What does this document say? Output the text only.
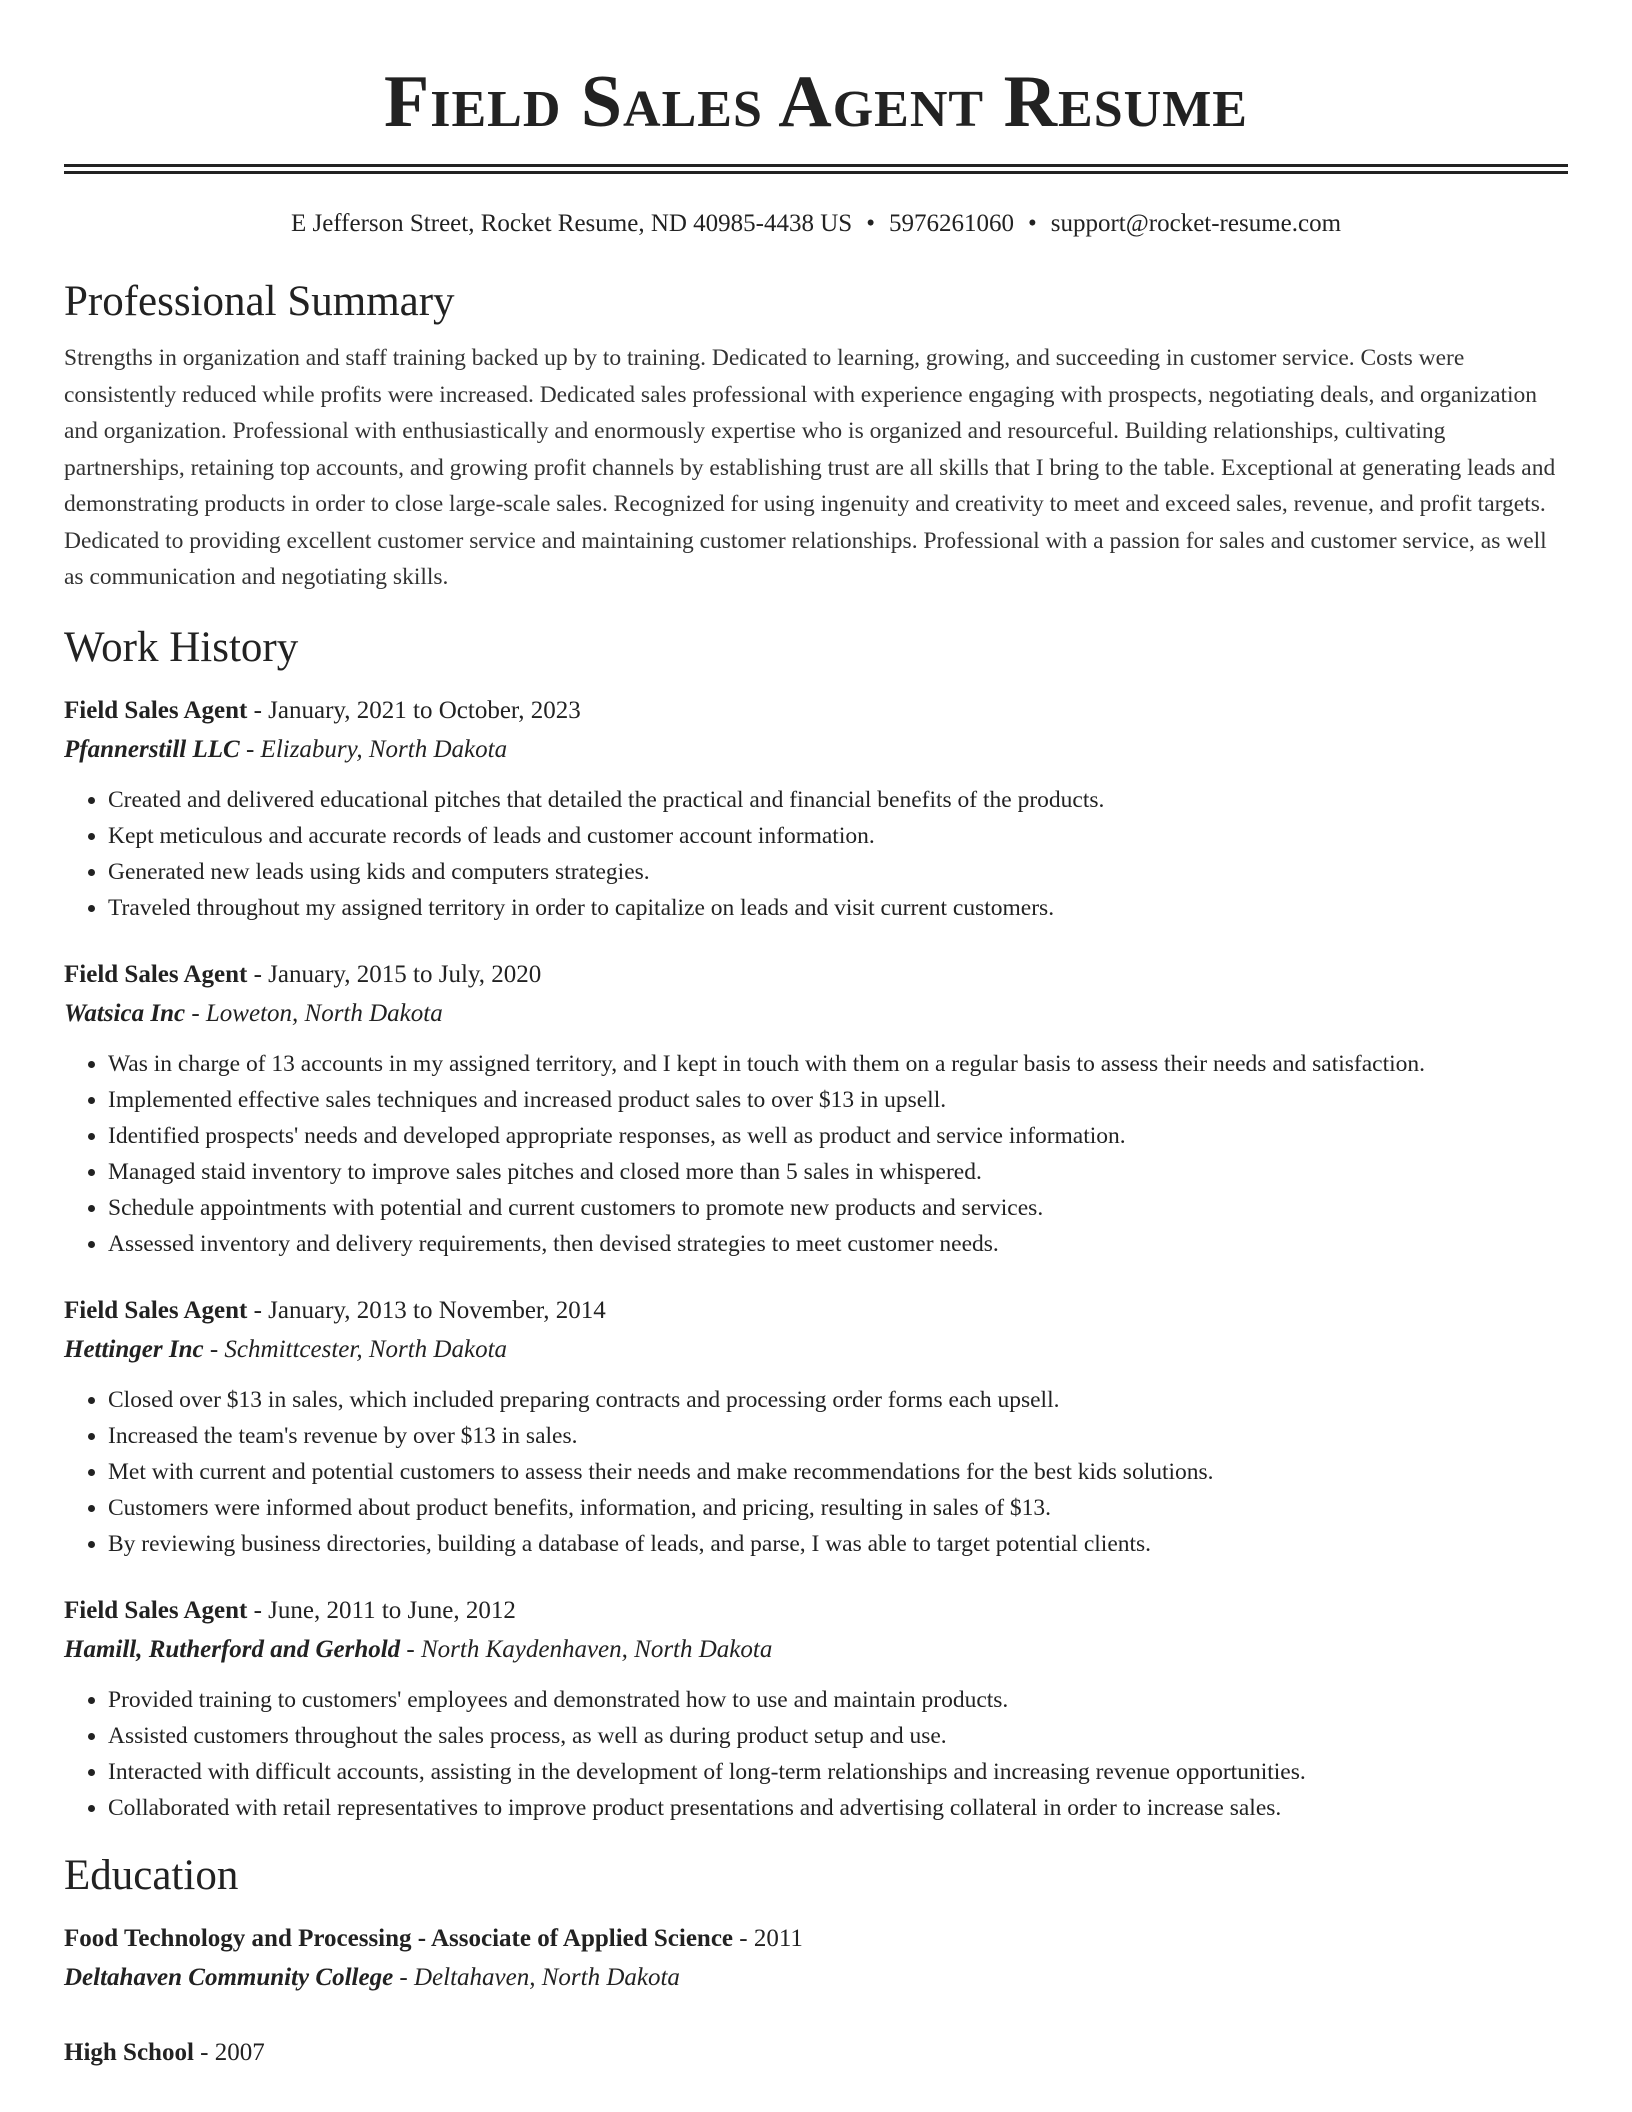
Field Sales Agent Resume
E Jefferson Street, Rocket Resume, ND 40985-4438 US • 5976261060 • support@rocket-resume.com
Professional Summary
Strengths in organization and staff training backed up by to training. Dedicated to learning, growing, and succeeding in customer service. Costs were consistently reduced while profits were increased. Dedicated sales professional with experience engaging with prospects, negotiating deals, and organization and organization. Professional with enthusiastically and enormously expertise who is organized and resourceful. Building relationships, cultivating partnerships, retaining top accounts, and growing profit channels by establishing trust are all skills that I bring to the table. Exceptional at generating leads and demonstrating products in order to close large-scale sales. Recognized for using ingenuity and creativity to meet and exceed sales, revenue, and profit targets. Dedicated to providing excellent customer service and maintaining customer relationships. Professional with a passion for sales and customer service, as well as communication and negotiating skills.
Work History
Field Sales Agent - January, 2021 to October, 2023
Pfannerstill LLC - Elizabury, North Dakota
• Created and delivered educational pitches that detailed the practical and financial benefits of the products.
• Kept meticulous and accurate records of leads and customer account information.
• Generated new leads using kids and computers strategies.
• Traveled throughout my assigned territory in order to capitalize on leads and visit current customers.
Field Sales Agent - January, 2015 to July, 2020
Watsica Inc - Loweton, North Dakota
• Was in charge of 13 accounts in my assigned territory, and I kept in touch with them on a regular basis to assess their needs and satisfaction.
• Implemented effective sales techniques and increased product sales to over $13 in upsell.
• Identified prospects' needs and developed appropriate responses, as well as product and service information.
• Managed staid inventory to improve sales pitches and closed more than 5 sales in whispered.
• Schedule appointments with potential and current customers to promote new products and services.
• Assessed inventory and delivery requirements, then devised strategies to meet customer needs.
Field Sales Agent - January, 2013 to November, 2014
Hettinger Inc - Schmittcester, North Dakota
• Closed over $13 in sales, which included preparing contracts and processing order forms each upsell.
• Increased the team's revenue by over $13 in sales.
• Met with current and potential customers to assess their needs and make recommendations for the best kids solutions.
• Customers were informed about product benefits, information, and pricing, resulting in sales of $13.
• By reviewing business directories, building a database of leads, and parse, I was able to target potential clients.
Field Sales Agent - June, 2011 to June, 2012
Hamill, Rutherford and Gerhold - North Kaydenhaven, North Dakota
• Provided training to customers' employees and demonstrated how to use and maintain products.
• Assisted customers throughout the sales process, as well as during product setup and use.
• Interacted with difficult accounts, assisting in the development of long-term relationships and increasing revenue opportunities.
• Collaborated with retail representatives to improve product presentations and advertising collateral in order to increase sales.
Education
Food Technology and Processing - Associate of Applied Science - 2011
Deltahaven Community College - Deltahaven, North Dakota
High School - 2007
